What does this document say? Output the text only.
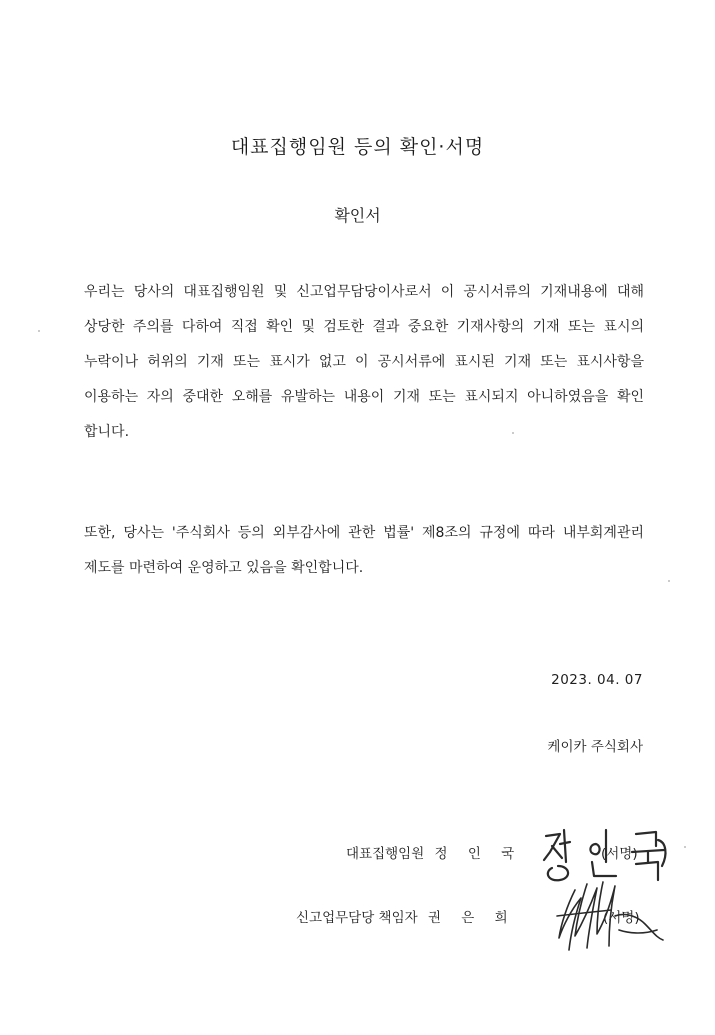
대표집행임원 등의 확인·서명
확인서
우리는 당사의 대표집행임원 및 신고업무담당이사로서 이 공시서류의 기재내용에 대해
상당한 주의를 다하여 직접 확인 및 검토한 결과 중요한 기재사항의 기재 또는 표시의
누락이나 허위의 기재 또는 표시가 없고 이 공시서류에 표시된 기재 또는 표시사항을
이용하는 자의 중대한 오해를 유발하는 내용이 기재 또는 표시되지 아니하였음을 확인
합니다.
또한, 당사는 '주식회사 등의 외부감사에 관한 법률' 제8조의 규정에 따라 내부회계관리
제도를 마련하여 운영하고 있음을 확인합니다.
2023. 04. 07
케이카 주식회사
대표집행임원 정 인 국	(서명)
신고업무담당 책임자 권 은 희	(서명)
